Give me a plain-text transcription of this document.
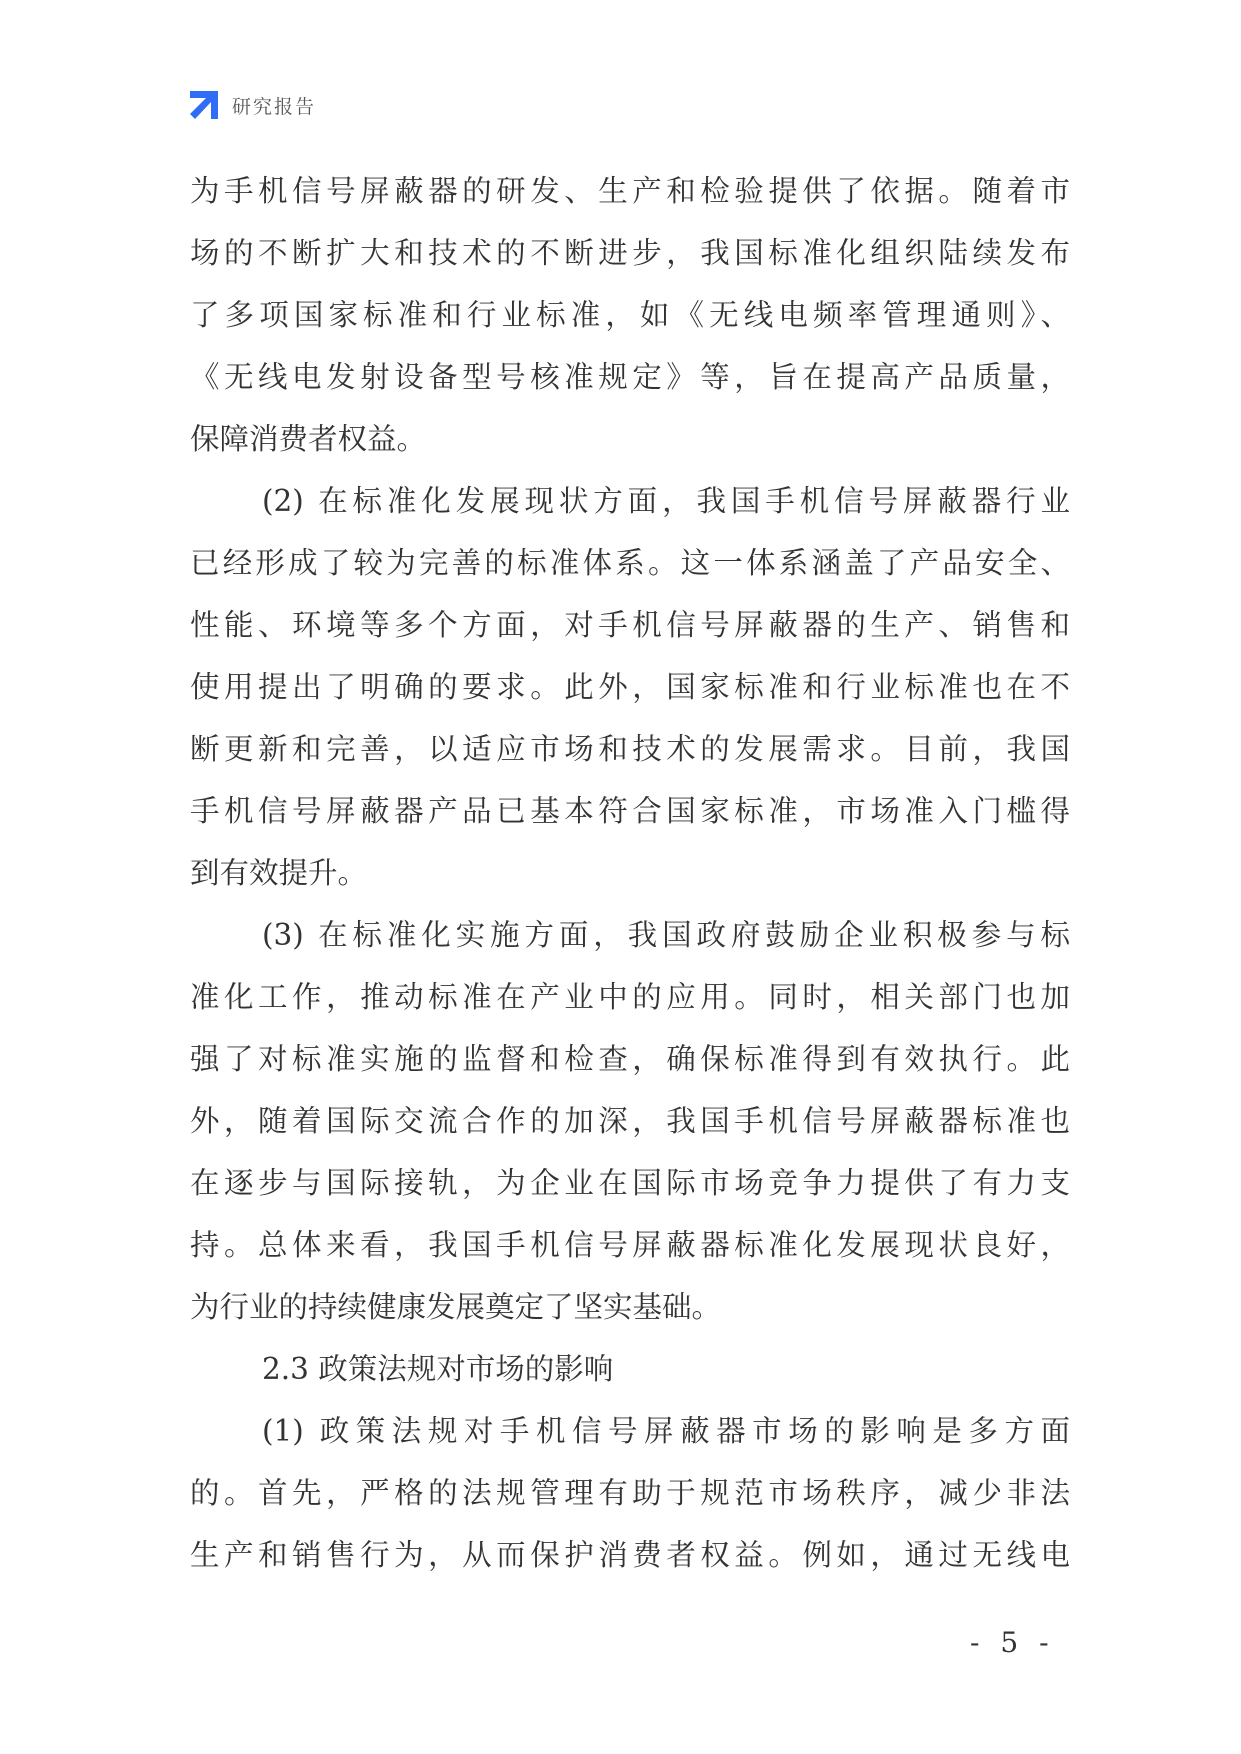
研究报告
为手机信号屏蔽器的研发、生产和检验提供了依据。随着市
场的不断扩大和技术的不断进步，我国标准化组织陆续发布
了多项国家标准和行业标准，如《无线电频率管理通则》、
《无线电发射设备型号核准规定》等，旨在提高产品质量，
保障消费者权益。
(2) 在标准化发展现状方面，我国手机信号屏蔽器行业
已经形成了较为完善的标准体系。这一体系涵盖了产品安全、
性能、环境等多个方面，对手机信号屏蔽器的生产、销售和
使用提出了明确的要求。此外，国家标准和行业标准也在不
断更新和完善，以适应市场和技术的发展需求。目前，我国
手机信号屏蔽器产品已基本符合国家标准，市场准入门槛得
到有效提升。
(3) 在标准化实施方面，我国政府鼓励企业积极参与标
准化工作，推动标准在产业中的应用。同时，相关部门也加
强了对标准实施的监督和检查，确保标准得到有效执行。此
外，随着国际交流合作的加深，我国手机信号屏蔽器标准也
在逐步与国际接轨，为企业在国际市场竞争力提供了有力支
持。总体来看，我国手机信号屏蔽器标准化发展现状良好，
为行业的持续健康发展奠定了坚实基础。
2.3 政策法规对市场的影响
(1) 政策法规对手机信号屏蔽器市场的影响是多方面
的。首先，严格的法规管理有助于规范市场秩序，减少非法
生产和销售行为，从而保护消费者权益。例如，通过无线电
- 5 -
